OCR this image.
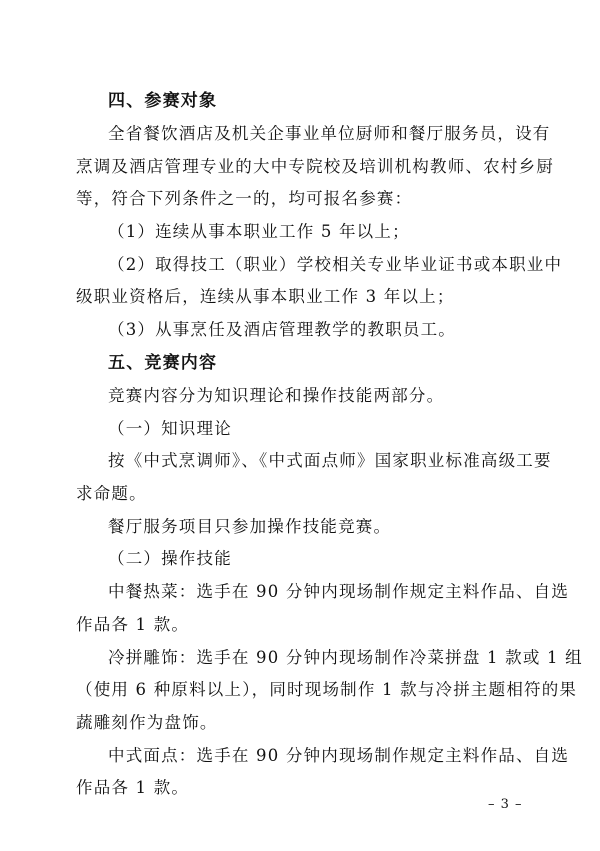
四、参赛对象
全省餐饮酒店及机关企事业单位厨师和餐厅服务员，设有
烹调及酒店管理专业的大中专院校及培训机构教师、农村乡厨
等，符合下列条件之一的，均可报名参赛：
（1）连续从事本职业工作 5 年以上；
（2）取得技工（职业）学校相关专业毕业证书或本职业中
级职业资格后，连续从事本职业工作 3 年以上；
（3）从事烹任及酒店管理教学的教职员工。
五、竞赛内容
竞赛内容分为知识理论和操作技能两部分。
（一）知识理论
按《中式烹调师》、《中式面点师》国家职业标准高级工要
求命题。
餐厅服务项目只参加操作技能竞赛。
（二）操作技能
中餐热菜：选手在 90 分钟内现场制作规定主料作品、自选
作品各 1 款。
冷拼雕饰：选手在 90 分钟内现场制作冷菜拼盘 1 款或 1 组
（使用 6 种原料以上），同时现场制作 1 款与冷拼主题相符的果
蔬雕刻作为盘饰。
中式面点：选手在 90 分钟内现场制作规定主料作品、自选
作品各 1 款。
– 3 –
